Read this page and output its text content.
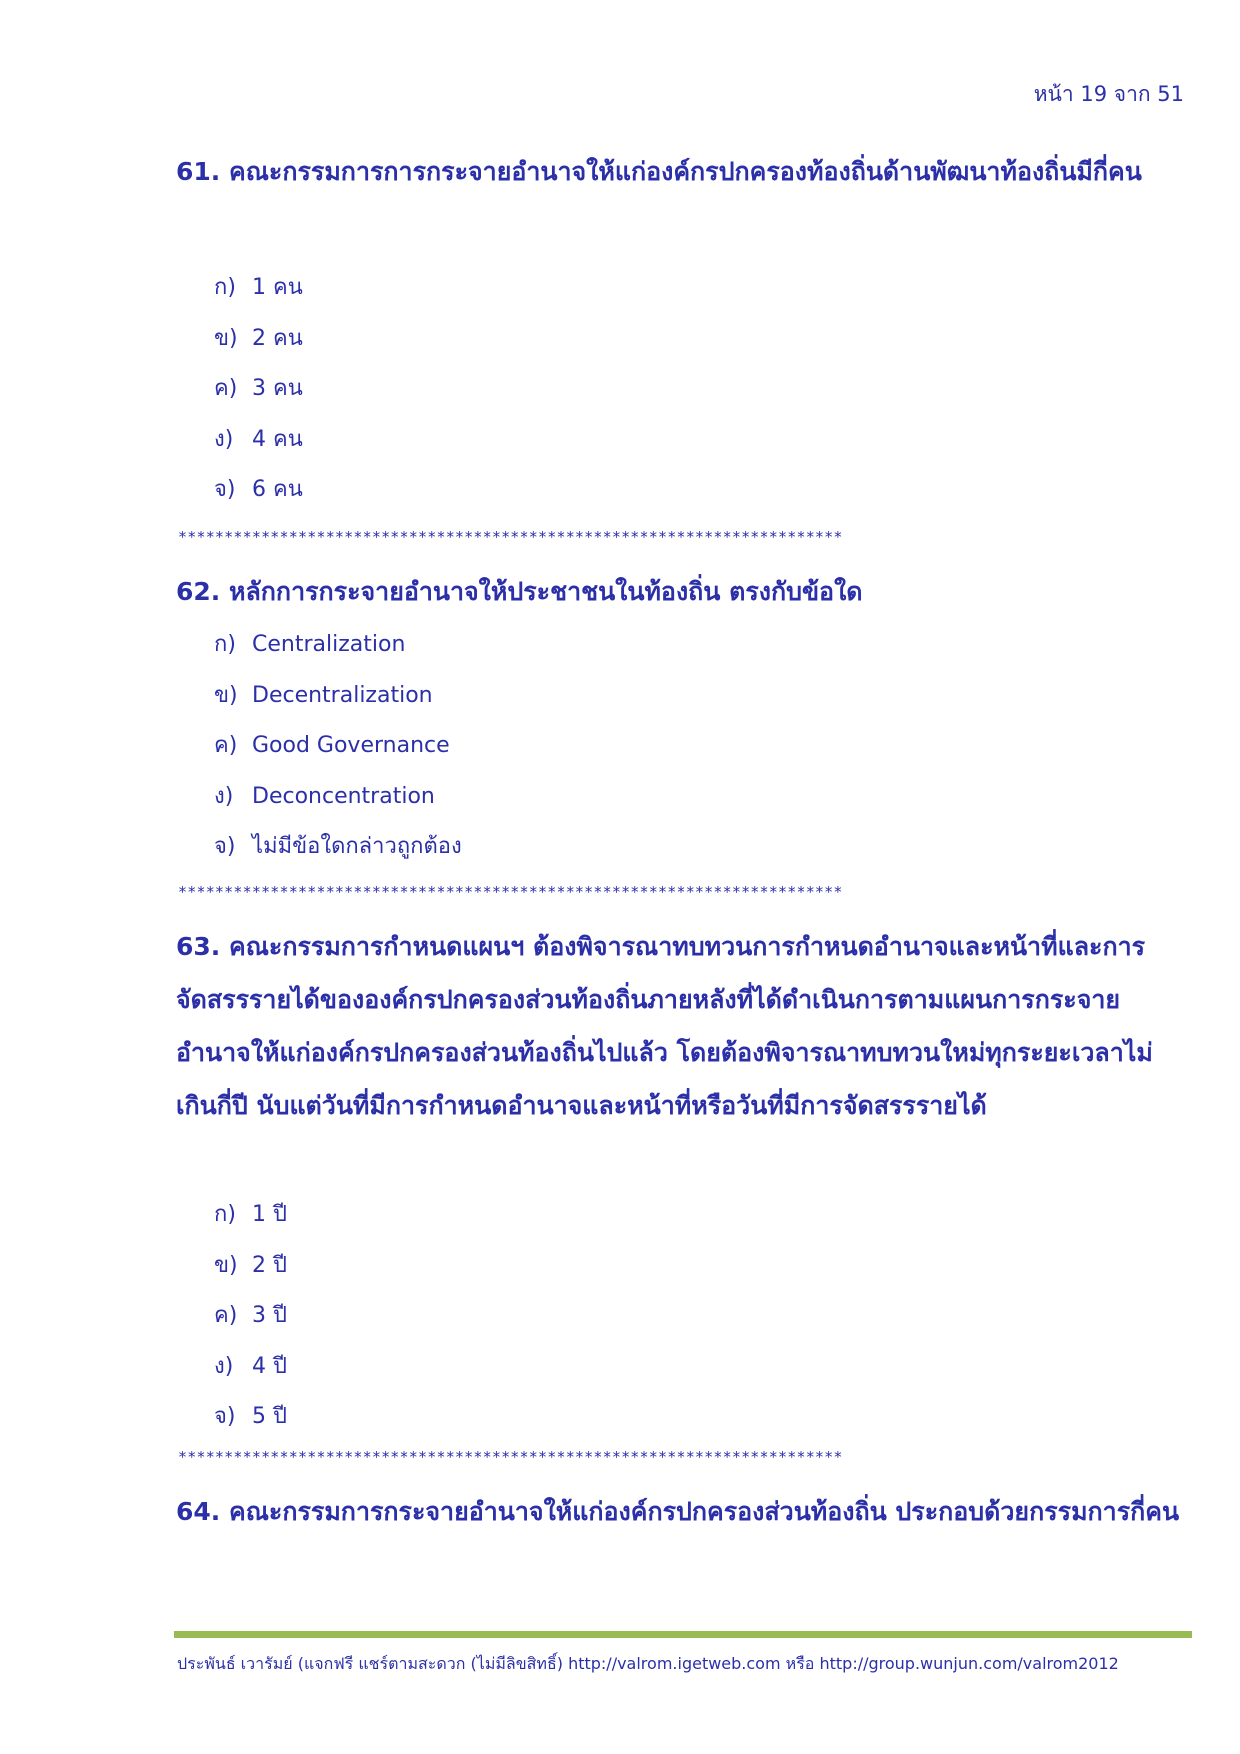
หน้า 19 จาก 51
61. คณะกรรมการการกระจายอำนาจให้แก่องค์กรปกครองท้องถิ่นด้านพัฒนาท้องถิ่นมีกี่คน
ก) 1 คน
ข) 2 คน
ค) 3 คน
ง) 4 คน
จ) 6 คน
************************************************************************
62. หลักการกระจายอำนาจให้ประชาชนในท้องถิ่น ตรงกับข้อใด
ก) Centralization
ข) Decentralization
ค) Good Governance
ง) Deconcentration
จ) ไม่มีข้อใดกล่าวถูกต้อง
************************************************************************
63. คณะกรรมการกำหนดแผนฯ ต้องพิจารณาทบทวนการกำหนดอำนาจและหน้าที่และการจัดสรรรายได้ขององค์กรปกครองส่วนท้องถิ่นภายหลังที่ได้ดำเนินการตามแผนการกระจายอำนาจให้แก่องค์กรปกครองส่วนท้องถิ่นไปแล้ว โดยต้องพิจารณาทบทวนใหม่ทุกระยะเวลาไม่เกินกี่ปี นับแต่วันที่มีการกำหนดอำนาจและหน้าที่หรือวันที่มีการจัดสรรรายได้
ก) 1 ปี
ข) 2 ปี
ค) 3 ปี
ง) 4 ปี
จ) 5 ปี
************************************************************************
64. คณะกรรมการกระจายอำนาจให้แก่องค์กรปกครองส่วนท้องถิ่น ประกอบด้วยกรรมการกี่คน
ประพันธ์ เวารัมย์ (แจกฟรี แชร์ตามสะดวก (ไม่มีลิขสิทธิ์) http://valrom.igetweb.com หรือ http://group.wunjun.com/valrom2012
